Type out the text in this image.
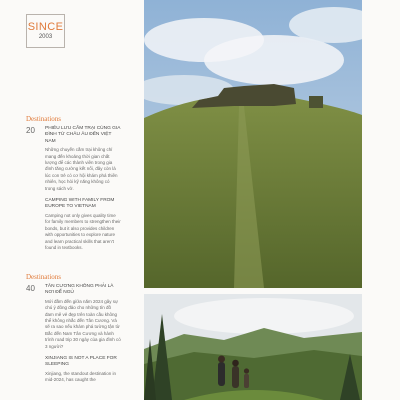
SINCE
2003
Destinations
20	PHIÊU LƯU CẮM TRẠI CÙNG GIA ĐÌNH TỪ CHÂU ÂU ĐẾN VIỆT NAM

Những chuyến cắm trại không chỉ mang đến khoảng thời gian chất lượng để các thành viên trong gia đình tăng cường kết nối, đây còn là lúc con trẻ có cơ hội khám phá thiên nhiên, học hỏi kỹ năng không có trong sách vở.

CAMPING WITH FAMILY FROM EUROPE TO VIETNAM

Camping not only gives quality time for family members to strengthen their bonds, but it also provides children with opportunities to explore nature and learn practical skills that aren't found in textbooks.

Destinations
40	TÂN CƯƠNG KHÔNG PHẢI LÀ NƠI ĐỂ NGỦ

Mới đầm đến giữa năm 2024 gây sự chú ý đông đảo cho những tín đồ đam mê vẻ đẹp trên toàn cầu không thể không nhắc đến Tân Cương. Và sẽ ra sao nếu khám phá tường tận từ Bắc đến Nam Tân Cương và hành trình road trip 30 ngày của gia đình có 3 người?

XINJIANG IS NOT A PLACE FOR SLEEPING

Xinjiang, the standout destination in mid-2024, has caught the
